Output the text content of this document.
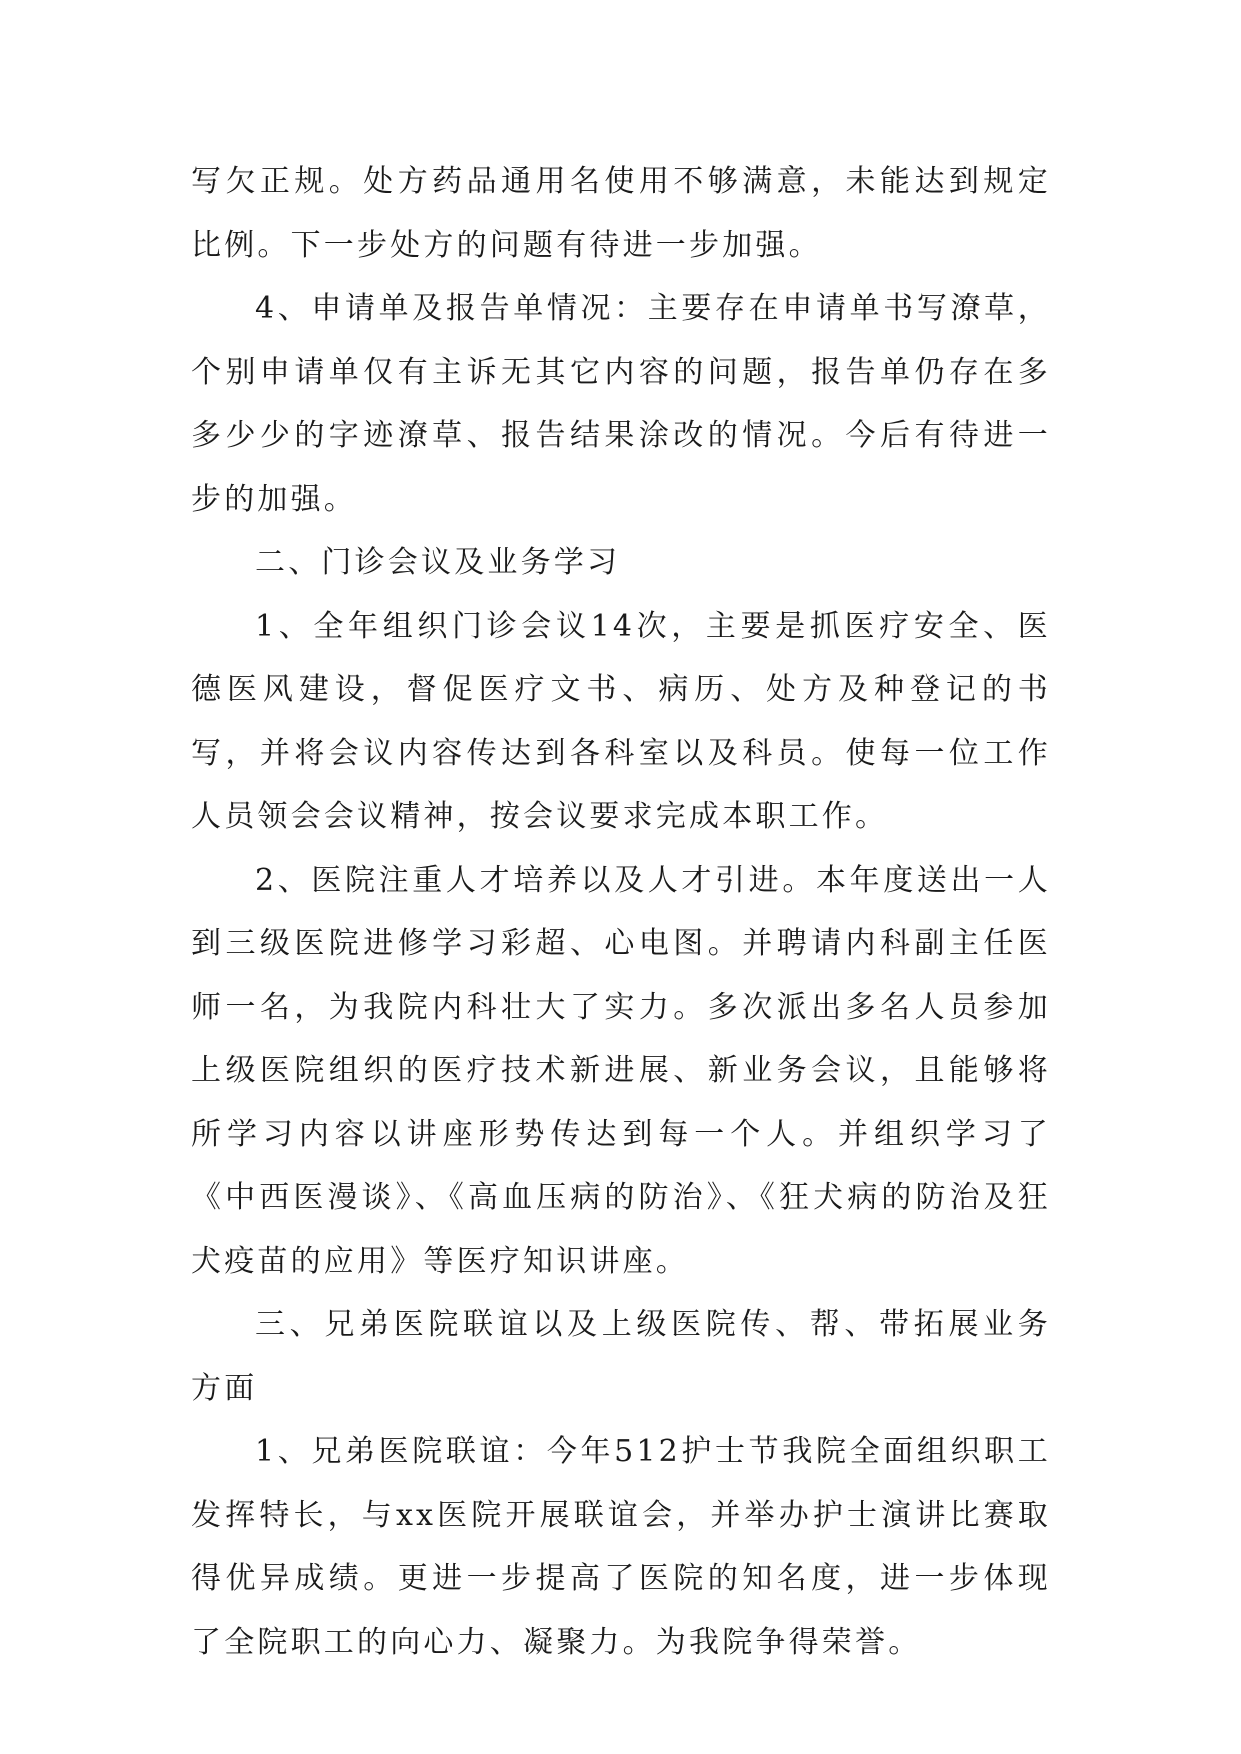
写欠正规。处方药品通用名使用不够满意，未能达到规定比例。下一步处方的问题有待进一步加强。

4、申请单及报告单情况：主要存在申请单书写潦草，个别申请单仅有主诉无其它内容的问题，报告单仍存在多多少少的字迹潦草、报告结果涂改的情况。今后有待进一步的加强。

二、门诊会议及业务学习

1、全年组织门诊会议14次，主要是抓医疗安全、医德医风建设，督促医疗文书、病历、处方及种登记的书写，并将会议内容传达到各科室以及科员。使每一位工作人员领会会议精神，按会议要求完成本职工作。

2、医院注重人才培养以及人才引进。本年度送出一人到三级医院进修学习彩超、心电图。并聘请内科副主任医师一名，为我院内科壮大了实力。多次派出多名人员参加上级医院组织的医疗技术新进展、新业务会议，且能够将所学习内容以讲座形势传达到每一个人。并组织学习了《中西医漫谈》、《高血压病的防治》、《狂犬病的防治及狂犬疫苗的应用》等医疗知识讲座。

三、兄弟医院联谊以及上级医院传、帮、带拓展业务方面

1、兄弟医院联谊：今年512护士节我院全面组织职工发挥特长，与xx医院开展联谊会，并举办护士演讲比赛取得优异成绩。更进一步提高了医院的知名度，进一步体现了全院职工的向心力、凝聚力。为我院争得荣誉。
